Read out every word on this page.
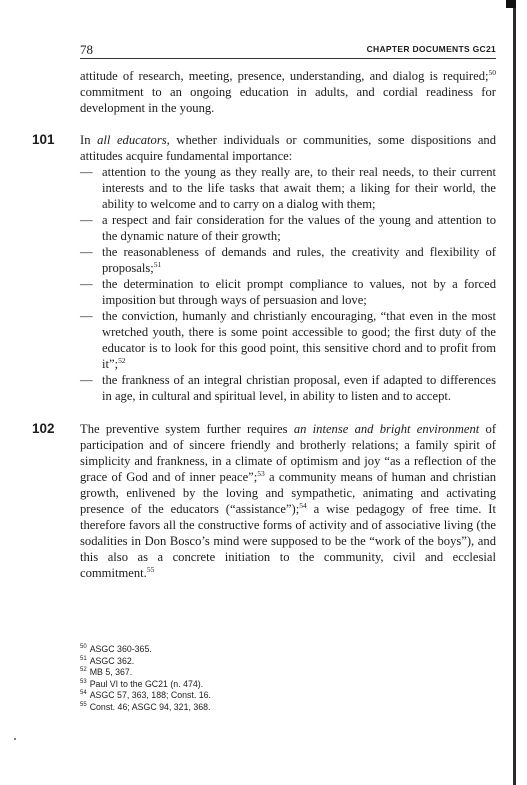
78	CHAPTER DOCUMENTS GC21

attitude of research, meeting, presence, understanding, and dialog is required;$^{50}$ commitment to an ongoing education in adults, and cordial readiness for development in the young.

101 In all educators, whether individuals or communities, some dispositions and attitudes acquire fundamental importance:

— attention to the young as they really are, to their real needs, to their current interests and to the life tasks that await them; a liking for their world, the ability to welcome and to carry on a dialog with them;
— a respect and fair consideration for the values of the young and attention to the dynamic nature of their growth;
— the reasonableness of demands and rules, the creativity and flexibility of proposals;$^{51}$
— the determination to elicit prompt compliance to values, not by a forced imposition but through ways of persuasion and love;
— the conviction, humanly and christianly encouraging, “that even in the most wretched youth, there is some point accessible to good; the first duty of the educator is to look for this good point, this sensitive chord and to profit from it”;$^{52}$
— the frankness of an integral christian proposal, even if adapted to differences in age, in cultural and spiritual level, in ability to listen and to accept.
102 The preventive system further requires an intense and bright environment of participation and of sincere friendly and brotherly relations; a family spirit of simplicity and frankness, in a climate of optimism and joy “as a reflection of the grace of God and of inner peace”;$^{53}$ a community means of human and christian growth, enlivened by the loving and sympathetic, animating and activating presence of the educators (“assistance”);$^{54}$ a wise pedagogy of free time. It therefore favors all the constructive forms of activity and of associative living (the sodalities in Don Bosco’s mind were supposed to be the “work of the boys”), and this also as a concrete initiation to the community, civil and ecclesial commitment.$^{55}$

$^{50}$ ASGC 360-365.
$^{51}$ ASGC 362.
$^{52}$ MB 5, 367.
$^{53}$ Paul VI to the GC21 (n. 474).
$^{54}$ ASGC 57, 363, 188; Const. 16.
$^{55}$ Const. 46; ASGC 94, 321, 368.
